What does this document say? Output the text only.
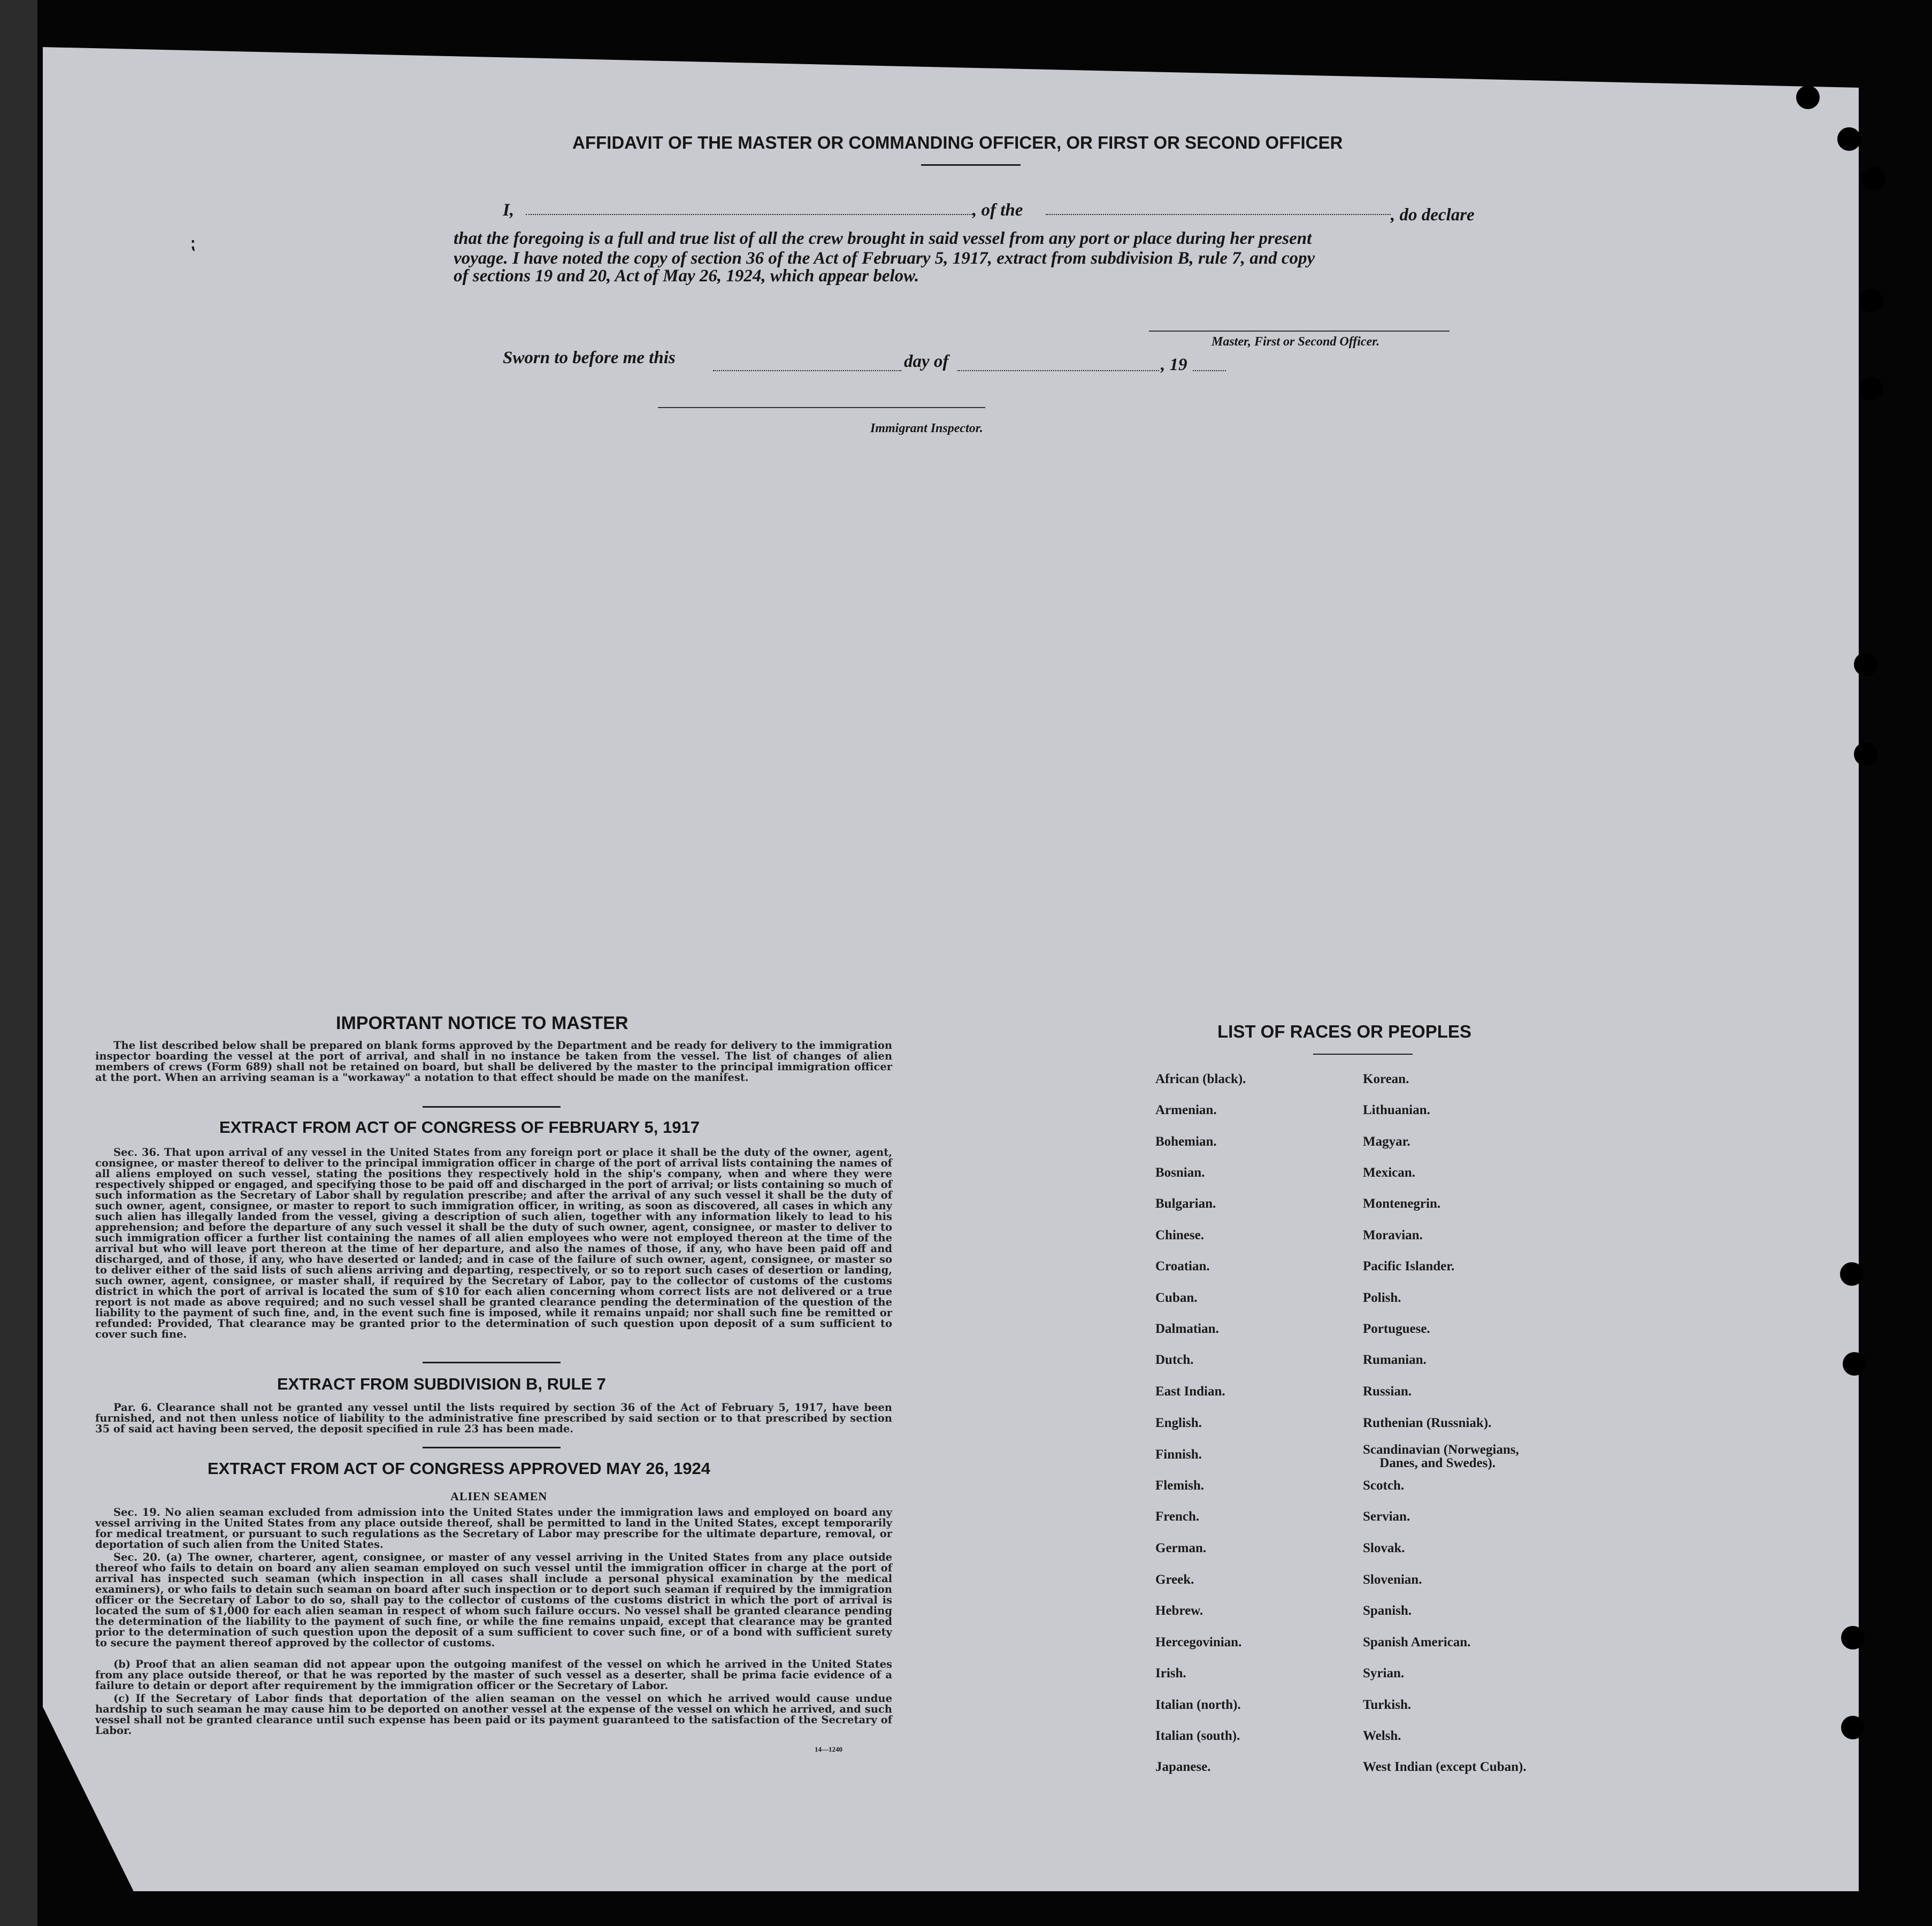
AFFIDAVIT OF THE MASTER OR COMMANDING OFFICER, OR FIRST OR SECOND OFFICER
I,	, of the	, do declare
that the foregoing is a full and true list of all the crew brought in said vessel from any port or place during her present
voyage. I have noted the copy of section 36 of the Act of February 5, 1917, extract from subdivision B, rule 7, and copy
of sections 19 and 20, Act of May 26, 1924, which appear below.
⁏
Master, First or Second Officer.
Sworn to before me this	day of	, 19
Immigrant Inspector.
IMPORTANT NOTICE TO MASTER
The list described below shall be prepared on blank forms approved by the Department and be ready for delivery to the immigration inspector boarding the vessel at the port of arrival, and shall in no instance be taken from the vessel. The list of changes of alien members of crews (Form 689) shall not be retained on board, but shall be delivered by the master to the principal immigration officer at the port. When an arriving seaman is a "workaway" a notation to that effect should be made on the manifest.
EXTRACT FROM ACT OF CONGRESS OF FEBRUARY 5, 1917
Sec. 36. That upon arrival of any vessel in the United States from any foreign port or place it shall be the duty of the owner, agent, consignee, or master thereof to deliver to the principal immigration officer in charge of the port of arrival lists containing the names of all aliens employed on such vessel, stating the positions they respectively hold in the ship's company, when and where they were respectively shipped or engaged, and specifying those to be paid off and discharged in the port of arrival; or lists containing so much of such information as the Secretary of Labor shall by regulation prescribe; and after the arrival of any such vessel it shall be the duty of such owner, agent, consignee, or master to report to such immigration officer, in writing, as soon as discovered, all cases in which any such alien has illegally landed from the vessel, giving a description of such alien, together with any information likely to lead to his apprehension; and before the departure of any such vessel it shall be the duty of such owner, agent, consignee, or master to deliver to such immigration officer a further list containing the names of all alien employees who were not employed thereon at the time of the arrival but who will leave port thereon at the time of her departure, and also the names of those, if any, who have been paid off and discharged, and of those, if any, who have deserted or landed; and in case of the failure of such owner, agent, consignee, or master so to deliver either of the said lists of such aliens arriving and departing, respectively, or so to report such cases of desertion or landing, such owner, agent, consignee, or master shall, if required by the Secretary of Labor, pay to the collector of customs of the customs district in which the port of arrival is located the sum of $10 for each alien concerning whom correct lists are not delivered or a true report is not made as above required; and no such vessel shall be granted clearance pending the determination of the question of the liability to the payment of such fine, and, in the event such fine is imposed, while it remains unpaid; nor shall such fine be remitted or refunded: Provided, That clearance may be granted prior to the determination of such question upon deposit of a sum sufficient to cover such fine.
EXTRACT FROM SUBDIVISION B, RULE 7
Par. 6. Clearance shall not be granted any vessel until the lists required by section 36 of the Act of February 5, 1917, have been furnished, and not then unless notice of liability to the administrative fine prescribed by said section or to that prescribed by section 35 of said act having been served, the deposit specified in rule 23 has been made.
EXTRACT FROM ACT OF CONGRESS APPROVED MAY 26, 1924
ALIEN SEAMEN
Sec. 19. No alien seaman excluded from admission into the United States under the immigration laws and employed on board any vessel arriving in the United States from any place outside thereof, shall be permitted to land in the United States, except temporarily for medical treatment, or pursuant to such regulations as the Secretary of Labor may prescribe for the ultimate departure, removal, or deportation of such alien from the United States.
Sec. 20. (a) The owner, charterer, agent, consignee, or master of any vessel arriving in the United States from any place outside thereof who fails to detain on board any alien seaman employed on such vessel until the immigration officer in charge at the port of arrival has inspected such seaman (which inspection in all cases shall include a personal physical examination by the medical examiners), or who fails to detain such seaman on board after such inspection or to deport such seaman if required by the immigration officer or the Secretary of Labor to do so, shall pay to the collector of customs of the customs district in which the port of arrival is located the sum of $1,000 for each alien seaman in respect of whom such failure occurs. No vessel shall be granted clearance pending the determination of the liability to the payment of such fine, or while the fine remains unpaid, except that clearance may be granted prior to the determination of such question upon the deposit of a sum sufficient to cover such fine, or of a bond with sufficient surety to secure the payment thereof approved by the collector of customs.
(b) Proof that an alien seaman did not appear upon the outgoing manifest of the vessel on which he arrived in the United States from any place outside thereof, or that he was reported by the master of such vessel as a deserter, shall be prima facie evidence of a failure to detain or deport after requirement by the immigration officer or the Secretary of Labor.
(c) If the Secretary of Labor finds that deportation of the alien seaman on the vessel on which he arrived would cause undue hardship to such seaman he may cause him to be deported on another vessel at the expense of the vessel on which he arrived, and such vessel shall not be granted clearance until such expense has been paid or its payment guaranteed to the satisfaction of the Secretary of Labor.
14—1240
LIST OF RACES OR PEOPLES
African (black).
Armenian.
Bohemian.
Bosnian.
Bulgarian.
Chinese.
Croatian.
Cuban.
Dalmatian.
Dutch.
East Indian.
English.
Finnish.
Flemish.
French.
German.
Greek.
Hebrew.
Hercegovinian.
Irish.
Italian (north).
Italian (south).
Japanese.
Korean.
Lithuanian.
Magyar.
Mexican.
Montenegrin.
Moravian.
Pacific Islander.
Polish.
Portuguese.
Rumanian.
Russian.
Ruthenian (Russniak).
Scandinavian (Norwegians,
Danes, and Swedes).
Scotch.
Servian.
Slovak.
Slovenian.
Spanish.
Spanish American.
Syrian.
Turkish.
Welsh.
West Indian (except Cuban).
